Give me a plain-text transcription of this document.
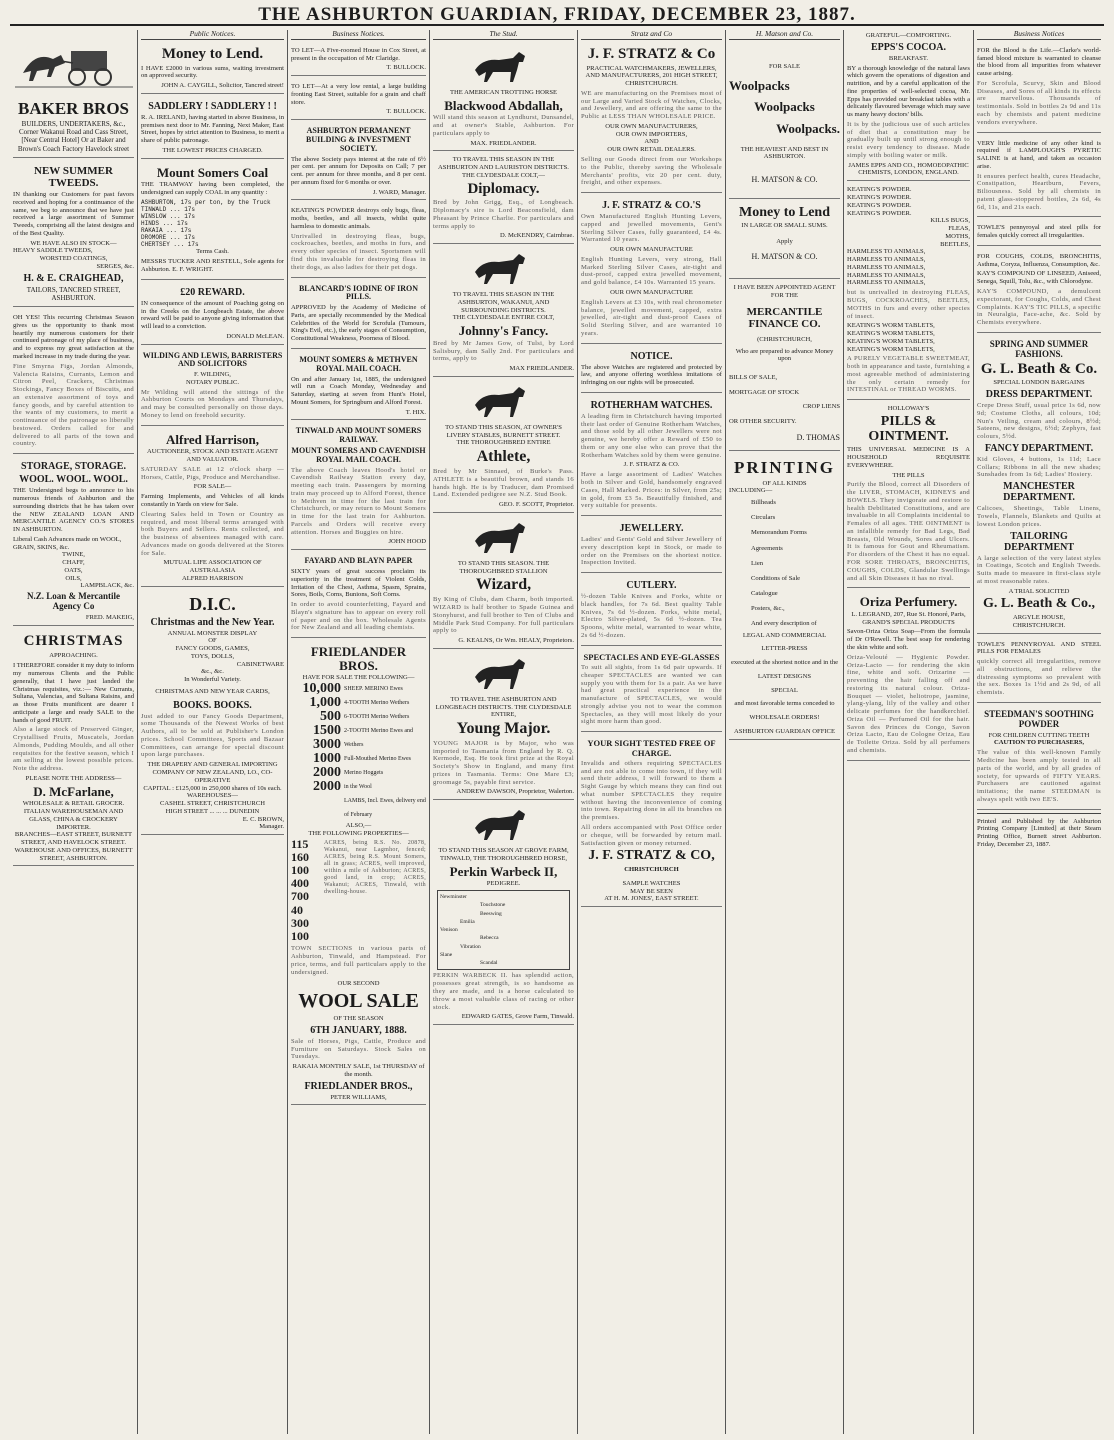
THE ASHBURTON GUARDIAN, FRIDAY, DECEMBER 23, 1887.
BAKER BROS
BUILDERS, UNDERTAKERS, &c., Corner Wakanui Road and Cass Street, [Near Central Hotel] Or at Baker and Brown's Coach Factory Havelock street
NEW SUMMER TWEEDS.
IN thanking our Customers for past favors received and hoping for a continuance of the same, we beg to announce that we have just received a large assortment of Summer Tweeds, comprising all the latest designs and of the Best Quality.
WE HAVE ALSO IN STOCK—
HEAVY SADDLE TWEEDS,
WORSTED COATINGS,
SERGES, &c.
H. & E. CRAIGHEAD,
TAILORS, TANCRED STREET, ASHBURTON.
OH YES! This recurring Christmas Season gives us the opportunity to thank most heartily my numerous customers for their continued patronage of my place of business, and to express my great satisfaction at the marked increase in my trade during the year.
Fine Smyrna Figs, Jordan Almonds, Valencia Raisins, Currants, Lemon and Citron Peel, Crackers, Christmas Stockings, Fancy Boxes of Biscuits, and an extensive assortment of toys and fancy goods, and by careful attention to the wants of my customers, to merit a continuance of the patronage so liberally bestowed. Orders called for and delivered to all parts of the town and country.
STORAGE, STORAGE.
WOOL. WOOL. WOOL.
THE Undersigned begs to announce to his numerous friends of Ashburton and the surrounding districts that he has taken over the NEW ZEALAND LOAN AND MERCANTILE AGENCY CO.'S STORES IN ASHBURTON.
Liberal Cash Advances made on WOOL,
GRAIN, SKINS, &c.
TWINE,
CHAFF,
OATS,
OILS,
LAMPBLACK, &c.
N.Z. Loan & Mercantile Agency Co
FRED. MAKEIG,
CHRISTMAS
APPROACHING.
I THEREFORE consider it my duty to inform my numerous Clients and the Public generally, that I have just landed the Christmas requisites, viz.:— New Currants, Sultana, Valencias, and Sultana Raisins, and as those Fruits munificent are dearer I anticipate a large and ready SALE to the hands of good FRUIT.
Also a large stock of Preserved Ginger, Crystallised Fruits, Muscatels, Jordan Almonds, Pudding Moulds, and all other requisites for the festive season, which I am selling at the lowest possible prices. Note the address.
PLEASE NOTE THE ADDRESS—
D. McFarlane,
WHOLESALE & RETAIL GROCER.
ITALIAN WAREHOUSEMAN AND GLASS, CHINA & CROCKERY IMPORTER.
BRANCHES—EAST STREET, BURNETT STREET, AND HAVELOCK STREET.
WAREHOUSE AND OFFICES, BURNETT STREET, ASHBURTON.
Public Notices.
Money to Lend.
I HAVE £2000 in various sums, waiting investment on approved security.
JOHN A. CAYGILL, Solicitor, Tancred street!
SADDLERY ! SADDLERY ! !
R. A. IRELAND, having started in above Business, in premises next door to Mr. Fanning, Next Maker, East Street, hopes by strict attention to Business, to merit a share of public patronage.
THE LOWEST PRICES CHARGED.
Mount Somers Coal
THE TRAMWAY having been completed, the undersigned can supply COAL in any quantity :
ASHBURTON, 17s per ton, by the Truck
TINWALD ... 17s
WINSLOW ... 17s
HINDS ... 17s
RAKAIA ... 17s
DROMORE ... 17s
CHERTSEY ... 17s
Terms Cash.
MESSRS TUCKER AND RESTELL, Sole agents for Ashburton. E. F. WRIGHT.
£20 REWARD.
IN consequence of the amount of Poaching going on in the Creeks on the Longbeach Estate, the above reward will be paid to anyone giving information that will lead to a conviction.
DONALD McLEAN.
WILDING AND LEWIS, BARRISTERS AND SOLICITORS
F. WILDING,
NOTARY PUBLIC.
Mr Wilding will attend the sittings of the Ashburton Courts on Mondays and Thursdays, and may be consulted personally on those days. Money to lend on freehold security.
Alfred Harrison,
AUCTIONEER, STOCK AND ESTATE AGENT AND VALUATOR.
SATURDAY SALE at 12 o'clock sharp —Horses, Cattle, Pigs, Produce and Merchandise.
FOR SALE—
Farming Implements, and Vehicles of all kinds constantly in Yards on view for Sale.
Clearing Sales held in Town or Country as required, and most liberal terms arranged with both Buyers and Sellers. Rents collected, and the business of absentees managed with care. Advances made on goods delivered at the Stores for Sale.
MUTUAL LIFE ASSOCIATION OF AUSTRALASIA
ALFRED HARRISON
D.I.C.
Christmas and the New Year.
ANNUAL MONSTER DISPLAY
OF
FANCY GOODS, GAMES,
TOYS, DOLLS,
CABINETWARE
&c., &c.
In Wonderful Variety.
CHRISTMAS AND NEW YEAR CARDS,
BOOKS. BOOKS.
Just added to our Fancy Goods Department, some Thousands of the Newest Works of best Authors, all to be sold at Publisher's London prices. School Committees, Sports and Bazaar Committees, can arrange for special discount upon large purchases.
THE DRAPERY AND GENERAL IMPORTING COMPANY OF NEW ZEALAND, LO., CO-OPERATIVE
CAPITAL : £125,000 in 250,000 shares of 10s each.
WAREHOUSES—
CASHEL STREET, CHRISTCHURCH
HIGH STREET ... ... ... DUNEDIN
E. C. BROWN,
Manager.
Business Notices.
TO LET—A Five-roomed House in Cox Street, at present in the occupation of Mr Claridge.
T. BULLOCK.
TO LET—At a very low rental, a large building fronting East Street, suitable for a grain and chaff store.
T. BULLOCK.
ASHBURTON PERMANENT BUILDING & INVESTMENT SOCIETY.
The above Society pays interest at the rate of 6½ per cent. per annum for Deposits on Call; 7 per cent. per annum for three months, and 8 per cent. per annum fixed for 6 months or over.
J. WARD, Manager.
KEATING'S POWDER destroys only bugs, fleas, moths, beetles, and all insects, whilst quite harmless to domestic animals.
Unrivalled in destroying fleas, bugs, cockroaches, beetles, and moths in furs, and every other species of insect. Sportsmen will find this invaluable for destroying fleas in their dogs, as also ladies for their pet dogs.
BLANCARD'S IODINE OF IRON PILLS.
APPROVED by the Academy of Medicine of Paris, are specially recommended by the Medical Celebrities of the World for Scrofula (Tumours, King's Evil, etc.), the early stages of Consumption, Constitutional Weakness, Poorness of Blood.
MOUNT SOMERS & METHVEN ROYAL MAIL COACH.
On and after January 1st, 1885, the undersigned will run a Coach Monday, Wednesday and Saturday, starting at seven from Hunt's Hotel, Mount Somers, for Springburn and Alford Forest.
T. HIX.
TINWALD AND MOUNT SOMERS RAILWAY.
MOUNT SOMERS AND CAVENDISH ROYAL MAIL COACH.
The above Coach leaves Hood's hotel or Cavendish Railway Station every day, meeting each train. Passengers by morning train may proceed up to Alford Forest, thence to Methven in time for the last train for Christchurch, or may return to Mount Somers in time for the last train for Ashburton. Parcels and Orders will receive every attention. Horses and Buggies on hire.
JOHN HOOD
FAYARD AND BLAYN PAPER
SIXTY years of great success proclaim its superiority in the treatment of Violent Colds, Irritation of the Chest, Asthma, Spasm, Sprains, Sores, Boils, Corns, Bunions, Soft Corns.
In order to avoid counterfeiting, Fayard and Blayn's signature has to appear on every roll of paper and on the box. Wholesale Agents for New Zealand and all leading chemists.
FRIEDLANDER BROS.
HAVE FOR SALE THE FOLLOWING—
10,000
1,000
500
1500
3000
1000
2000
2000
SHEEP. MERINO Ewes
4-TOOTH Merino Wethers
6-TOOTH Merino Wethers
2-TOOTH Merino Ewes and Wethers
Full-Mouthed Merino Ewes
Merino Hoggets
in the Wool
LAMBS, Incl. Ewes, delivery end of February
ALSO,—
THE FOLLOWING PROPERTIES—
115
160
100
400
700
40
300
100
ACRES, being R.S. No. 20878, Wakanui, near Lagmhor, fenced; ACRES, being R.S. Mount Somers, all in grass; ACRES, well improved, within a mile of Ashburton; ACRES, good land, in crop; ACRES, Wakanui; ACRES, Tinwald, with dwelling-house.
TOWN SECTIONS in various parts of Ashburton, Tinwald, and Hampstead. For price, terms, and full particulars apply to the undersigned.
OUR SECOND
WOOL SALE
OF THE SEASON
6TH JANUARY, 1888.
Sale of Horses, Pigs, Cattle, Produce and Furniture on Saturdays. Stock Sales on Tuesdays.
RAKAIA MONTHLY SALE, 1st THURSDAY of the month.
FRIEDLANDER BROS.,
PETER WILLIAMS,
The Stud.
THE AMERICAN TROTTING HORSE
Blackwood Abdallah,
Will stand this season at Lyndhurst, Dunsandel, and at owner's Stable, Ashburton. For particulars apply to
MAX. FRIEDLANDER.
TO TRAVEL THIS SEASON IN THE ASHBURTON AND LAURISTON DISTRICTS.
THE CLYDESDALE COLT,—
Diplomacy.
Bred by John Grigg, Esq., of Longbeach. Diplomacy's sire is Lord Beaconsfield, dam Pheasant by Prince Charlie. For particulars and terms apply to
D. McKENDRY, Cairnbrae.
TO TRAVEL THIS SEASON IN THE ASHBURTON, WAKANUI, AND SURROUNDING DISTRICTS.
THE CLYDESDALE ENTIRE COLT,
Johnny's Fancy.
Bred by Mr James Gow, of Tulsi, by Lord Salisbury, dam Sally 2nd. For particulars and terms, apply to
MAX FRIEDLANDER.
TO STAND THIS SEASON, AT OWNER'S LIVERY STABLES, BURNETT STREET.
THE THOROUGHBRED ENTIRE
Athlete,
Bred by Mr Sinnaed, of Burke's Pass. ATHLETE is a beautiful brown, and stands 16 hands high. He is by Traducer, dam Promised Land. Extended pedigree see N.Z. Stud Book.
GEO. F. SCOTT, Proprietor.
TO STAND THIS SEASON. THE THOROUGHBRED STALLION
Wizard,
By King of Clubs, dam Charm, both imported. WIZARD is half brother to Spade Guinea and Stonyhurst, and full brother to Ten of Clubs and Middle Park Stud Company. For full particulars apply to
G. KEALNS, Or Wm. HEALY, Proprietors.
TO TRAVEL THE ASHBURTON AND LONGBEACH DISTRICTS. THE CLYDESDALE ENTIRE,
Young Major.
YOUNG MAJOR is by Major, who was imported to Tasmania from England by R. Q. Kermode, Esq. He took first prize at the Royal Society's Show in England, and many first prizes in Tasmania. Terms: One Mare £3; groomage 5s, payable first service.
ANDREW DAWSON, Proprietor, Walerton.
TO STAND THIS SEASON AT GROVE FARM, TINWALD, THE THOROUGHBRED HORSE,
Perkin Warbeck II,
PEDIGREE.
Newminster
Touchstone
Beeswing
Emilia
Venison
Rebecca
Vibration
Slane
Scandal
PERKIN WARBECK II. has splendid action, possesses great strength, is so handsome as they are made, and is a horse calculated to throw a most valuable class of racing or other stock.
EDWARD GATES, Grove Farm, Tinwald.
Stratz and Co
J. F. STRATZ & Co
PRACTICAL WATCHMAKERS, JEWELLERS, AND MANUFACTURERS, 201 HIGH STREET, CHRISTCHURCH.
WE are manufacturing on the Premises most of our Large and Varied Stock of Watches, Clocks, and Jewellery, and are offering the same to the Public at LESS THAN WHOLESALE PRICE.
OUR OWN MANUFACTURERS,
OUR OWN IMPORTERS,
AND
OUR OWN RETAIL DEALERS.
Selling our Goods direct from our Workshops to the Public, thereby saving the Wholesale Merchants' profits, viz 20 per cent. duty, freight, and other expenses.
J. F. STRATZ & CO.'S
Own Manufactured English Hunting Levers, capped and jewelled movements, Gent's Sterling Silver Cases, fully guaranteed, £4 4s. Warranted 10 years.
OUR OWN MANUFACTURE
English Hunting Levers, very strong, Hall Marked Sterling Silver Cases, air-tight and dust-proof, capped extra jewelled movement, and gold balance, £4 10s. Warranted 15 years.
OUR OWN MANUFACTURE
English Levers at £3 10s, with real chronometer balance, jewelled movement, capped, extra jewelled, air-tight and dust-proof Cases of Solid Sterling Silver, and are warranted 10 years.
NOTICE.
The above Watches are registered and protected by law, and anyone offering worthless imitations of infringing on our rights will be prosecuted.
ROTHERHAM WATCHES.
A leading firm in Christchurch having imported their last order of Genuine Rotherham Watches, and those sold by all other Jewellers were not genuine, we hereby offer a Reward of £50 to them or any one else who can prove that the Rotherham Watches sold by them were genuine.
J. F. STRATZ & CO.
Have a large assortment of Ladies' Watches both in Silver and Gold, handsomely engraved Cases, Hall Marked. Prices: in Silver, from 25s; in gold, from £3 5s. Beautifully finished, and very suitable for presents.
JEWELLERY.
Ladies' and Gents' Gold and Silver Jewellery of every description kept in Stock, or made to order on the Premises on the shortest notice. Inspection Invited.
CUTLERY.
½-dozen Table Knives and Forks, white or black handles, for 7s 6d. Best quality Table Knives, 7s 6d ½-dozen. Forks, white metal, Electro Silver-plated, 5s 6d ½-dozen. Tea Spoons, white metal, warranted to wear white, 2s 6d ½-dozen.
SPECTACLES AND EYE-GLASSES
To suit all sights, from 1s 6d pair upwards. If cheaper SPECTACLES are wanted we can supply you with them for 1s a pair. As we have had great practical experience in the manufacture of SPECTACLES, we would strongly advise you not to wear the common Spectacles, as they will most likely do your sight more harm than good.
YOUR SIGHT TESTED FREE OF CHARGE.
Invalids and others requiring SPECTACLES and are not able to come into town, if they will send their address, I will forward to them a Sight Gauge by which means they can find out what number SPECTACLES they require without having the inconvenience of coming into town. Repairing done in all its branches on the premises.
All orders accompanied with Post Office order or cheque, will be forwarded by return mail. Satisfaction given or money returned.
J. F. STRATZ & CO,
CHRISTCHURCH
SAMPLE WATCHES
MAY BE SEEN
AT H. M. JONES', EAST STREET.
H. Matson and Co.
FOR SALE
Woolpacks
Woolpacks
Woolpacks.
THE HEAVIEST AND BEST IN ASHBURTON.
H. MATSON & CO.
Money to Lend
IN LARGE OR SMALL SUMS.
Apply
H. MATSON & CO.
I HAVE BEEN APPOINTED AGENT FOR THE
MERCANTILE FINANCE CO.
(CHRISTCHURCH,
Who are prepared to advance Money upon
BILLS OF SALE,
MORTGAGE OF STOCK
CROP LIENS
OR OTHER SECURITY.
D. THOMAS
PRINTING
OF ALL KINDS
INCLUDING—
Billheads
Circulars
Memorandum Forms
Agreements
Lien
Conditions of Sale
Catalogue
Posters, &c.,
And every description of
LEGAL AND COMMERCIAL
LETTER-PRESS
executed at the shortest notice and in the
LATEST DESIGNS
SPECIAL
and most favorable terms conceded to
WHOLESALE ORDERS!
ASHBURTON GUARDIAN OFFICE
GRATEFUL—COMFORTING.
EPPS'S COCOA.
BREAKFAST.
BY a thorough knowledge of the natural laws which govern the operations of digestion and nutrition, and by a careful application of the fine properties of well-selected cocoa, Mr. Epps has provided our breakfast tables with a delicately flavoured beverage which may save us many heavy doctors' bills.
It is by the judicious use of such articles of diet that a constitution may be gradually built up until strong enough to resist every tendency to disease. Made simply with boiling water or milk.
JAMES EPPS AND CO., HOMOEOPATHIC CHEMISTS, LONDON, ENGLAND.
KEATING'S POWDER.
KEATING'S POWDER.
KEATING'S POWDER.
KEATING'S POWDER.
KILLS BUGS,
FLEAS,
MOTHS,
BEETLES,
HARMLESS TO ANIMALS,
HARMLESS TO ANIMALS,
HARMLESS TO ANIMALS,
HARMLESS TO ANIMALS,
HARMLESS TO ANIMALS,
but is unrivalled in destroying FLEAS, BUGS, COCKROACHES, BEETLES, MOTHS in furs and every other species of insect.
KEATING'S WORM TABLETS,
KEATING'S WORM TABLETS,
KEATING'S WORM TABLETS,
KEATING'S WORM TABLETS,
A PURELY VEGETABLE SWEETMEAT, both in appearance and taste, furnishing a most agreeable method of administering the only certain remedy for INTESTINAL or THREAD WORMS.
HOLLOWAY'S
PILLS & OINTMENT.
THIS UNIVERSAL MEDICINE IS A HOUSEHOLD REQUISITE EVERYWHERE.
THE PILLS
Purify the Blood, correct all Disorders of the LIVER, STOMACH, KIDNEYS and BOWELS. They invigorate and restore to health Debilitated Constitutions, and are invaluable in all Complaints incidental to Females of all ages. THE OINTMENT is an infallible remedy for Bad Legs, Bad Breasts, Old Wounds, Sores and Ulcers. It is famous for Gout and Rheumatism. For disorders of the Chest it has no equal. FOR SORE THROATS, BRONCHITIS, COUGHS, COLDS, Glandular Swellings and all Skin Diseases it has no rival.
Oriza Perfumery.
L. LEGRAND, 207, Rue St. Honoré, Paris, GRAND'S SPECIAL PRODUCTS
Savon-Oriza Oriza Soap—From the formula of Dr O'Rewell. The best soap for rendering the skin white and soft.
Oriza-Velouté — Hygienic Powder. Oriza-Lacto — for rendering the skin fine, white and soft. Orizarine — preventing the hair falling off and restoring its natural colour. Oriza-Bouquet — violet, heliotrope, jasmine, ylang-ylang, lily of the valley and other delicate perfumes for the handkerchief. Oriza Oil — Perfumed Oil for the hair. Savon des Princes du Congo, Savon Oriza Lacto, Eau de Cologne Oriza, Eau de Toilette Oriza. Sold by all perfumers and chemists.
Business Notices
FOR the Blood is the Life.—Clarke's world-famed blood mixture is warranted to cleanse the blood from all impurities from whatever cause arising.
For Scrofula, Scurvy, Skin and Blood Diseases, and Sores of all kinds its effects are marvellous. Thousands of testimonials. Sold in bottles 2s 9d and 11s each by chemists and patent medicine vendors everywhere.
VERY little medicine of any other kind is required if LAMPLOUGH'S PYRETIC SALINE is at hand, and taken as occasion arise.
It ensures perfect health, cures Headache, Constipation, Heartburn, Fevers, Biliousness. Sold by all chemists in patent glass-stoppered bottles, 2s 6d, 4s 6d, 11s, and 21s each.
TOWLE'S pennyroyal and steel pills for females quickly correct all irregularities.
FOR COUGHS, COLDS, BRONCHITIS, Asthma, Coryza, Influenza, Consumption, &c.
KAY'S COMPOUND OF LINSEED, Aniseed, Senega, Squill, Tolu, &c., with Chlorodyne.
KAY'S COMPOUND, a demulcent expectorant, for Coughs, Colds, and Chest Complaints. KAY'S TIC PILLS, a specific in Neuralgia, Face-ache, &c. Sold by Chemists everywhere.
SPRING AND SUMMER FASHIONS.
G. L. Beath & Co.
SPECIAL LONDON BARGAINS
DRESS DEPARTMENT.
Crepe Dress Stuff, usual price 1s 6d, now 9d; Costume Cloths, all colours, 10d; Nun's Veiling, cream and colours, 8½d; Sateens, new designs, 6½d; Zephyrs, fast colours, 5½d.
FANCY DEPARTMENT.
Kid Gloves, 4 buttons, 1s 11d; Lace Collars; Ribbons in all the new shades; Sunshades from 1s 6d; Ladies' Hosiery.
MANCHESTER DEPARTMENT.
Calicoes, Sheetings, Table Linens, Towels, Flannels, Blankets and Quilts at lowest London prices.
TAILORING DEPARTMENT
A large selection of the very latest styles in Coatings, Scotch and English Tweeds. Suits made to measure in first-class style at most reasonable rates.
A TRIAL SOLICITED
G. L. Beath & Co.,
ARGYLE HOUSE,
CHRISTCHURCH.
TOWLE'S PENNYROYAL AND STEEL PILLS FOR FEMALES
quickly correct all irregularities, remove all obstructions, and relieve the distressing symptoms so prevalent with the sex. Boxes 1s 1½d and 2s 9d, of all chemists.
STEEDMAN'S SOOTHING POWDER
FOR CHILDREN CUTTING TEETH
CAUTION TO PURCHASERS,
The value of this well-known Family Medicine has been amply tested in all parts of the world, and by all grades of society, for upwards of FIFTY YEARS. Purchasers are cautioned against imitations; the name STEEDMAN is always spelt with two EE'S.
Printed and Published by the Ashburton Printing Company [Limited] at their Steam Printing Office, Burnett street Ashburton. Friday, December 23, 1887.
